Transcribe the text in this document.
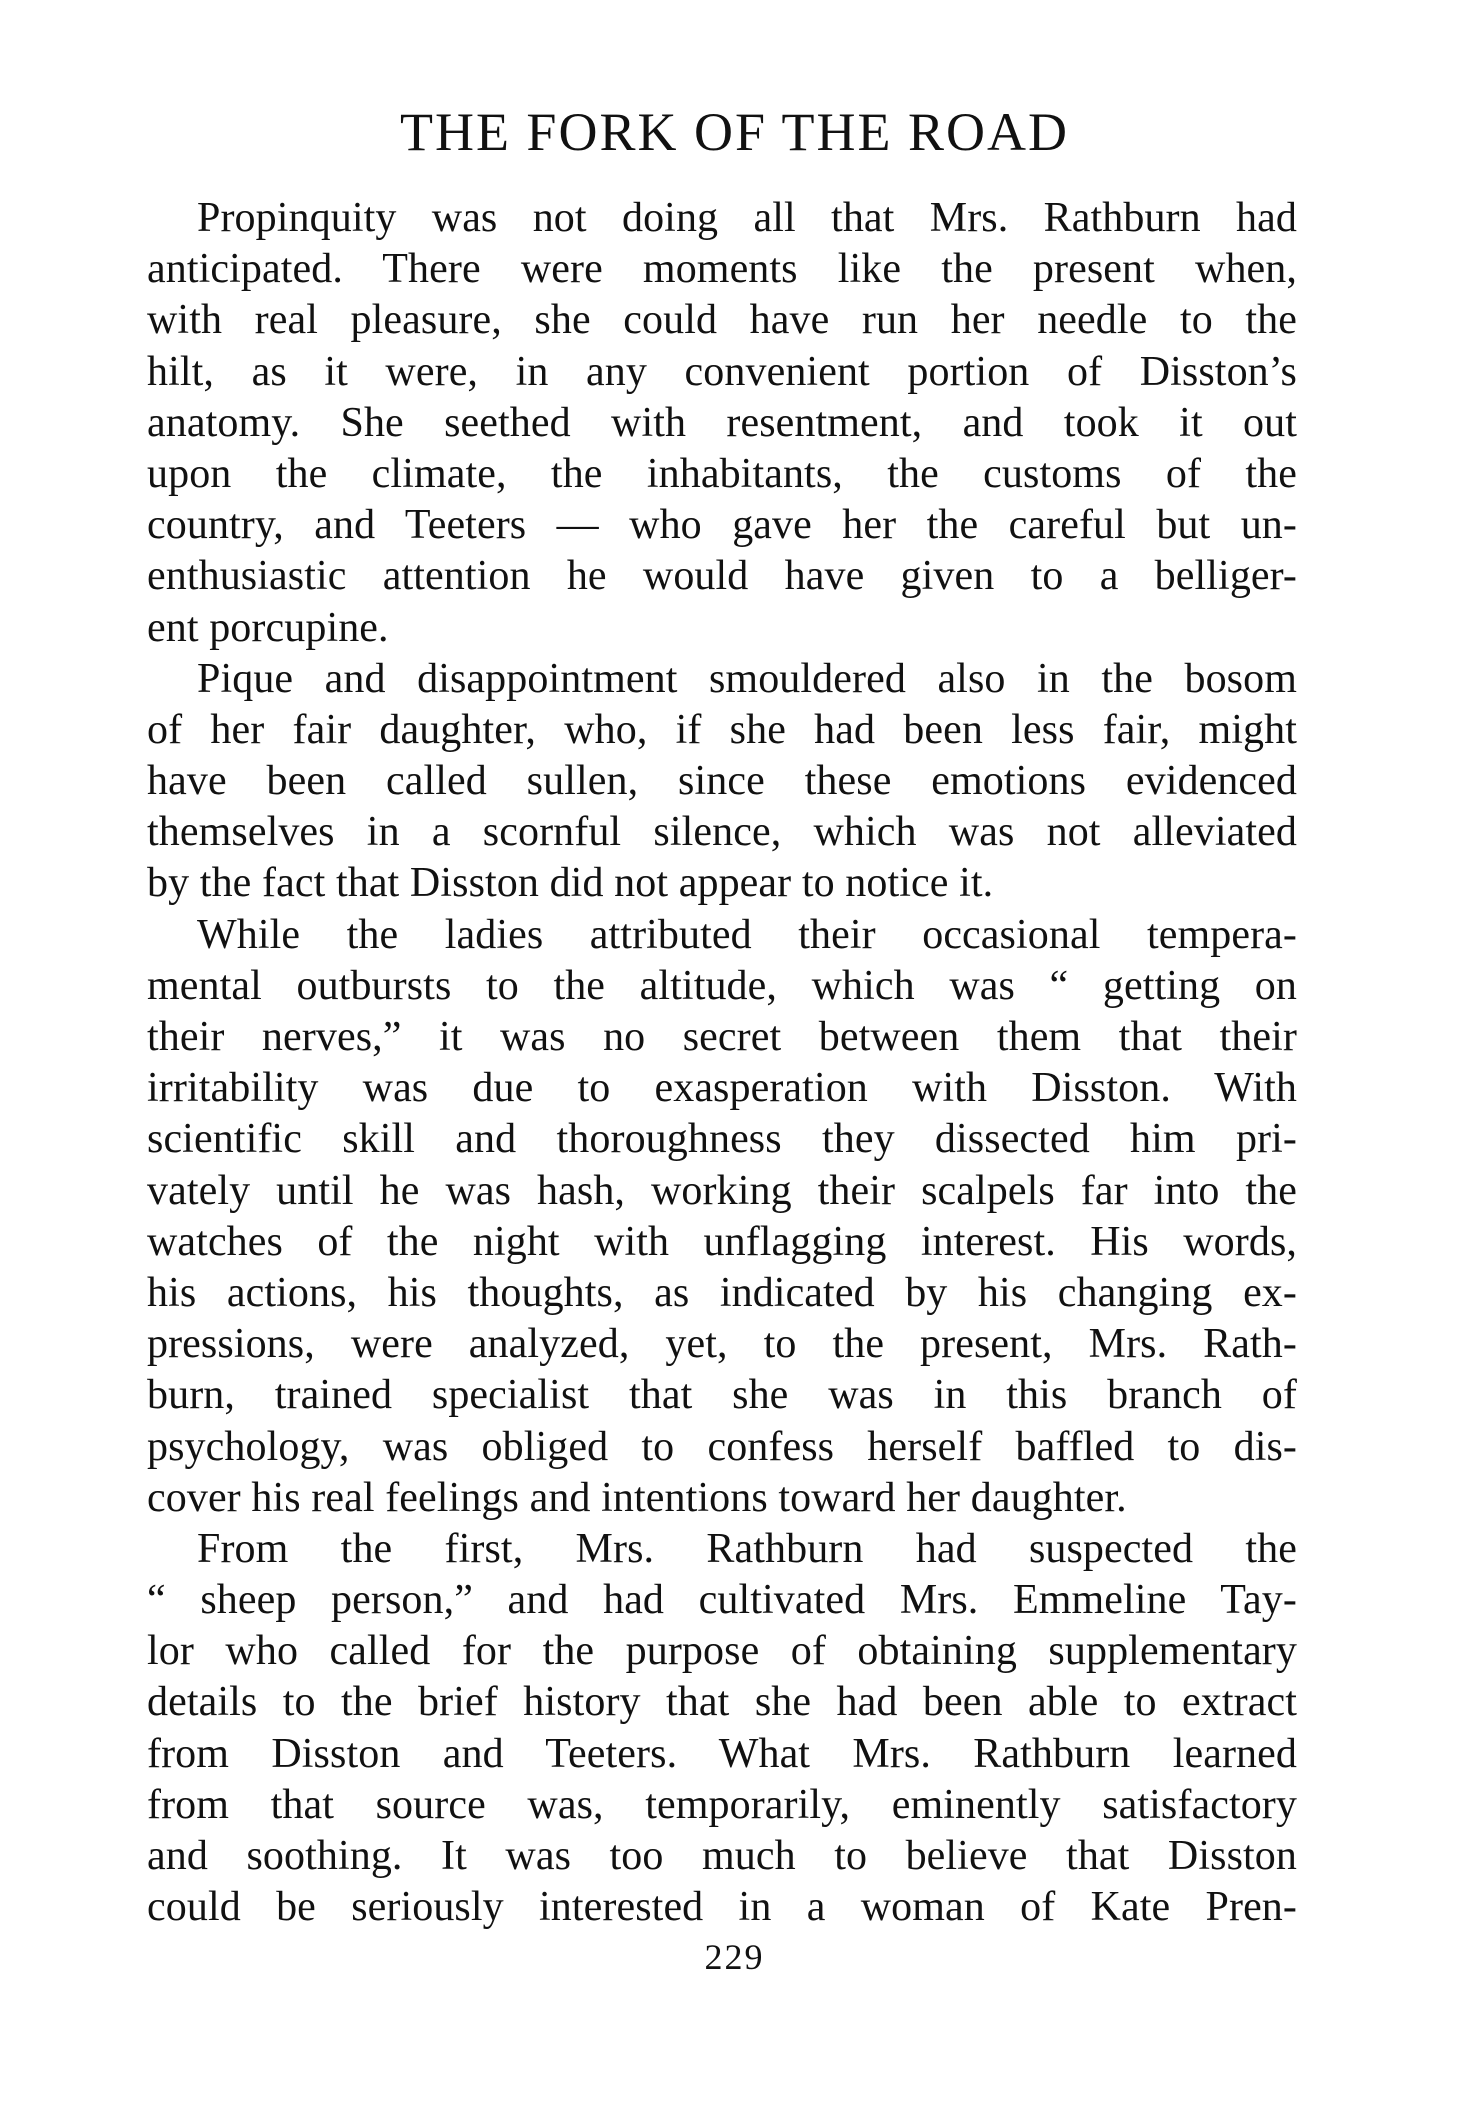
THE FORK OF THE ROAD
Propinquity was not doing all that Mrs. Rathburn had
anticipated. There were moments like the present when,
with real pleasure, she could have run her needle to the
hilt, as it were, in any convenient portion of Disston’s
anatomy. She seethed with resentment, and took it out
upon the climate, the inhabitants, the customs of the
country, and Teeters — who gave her the careful but un-
enthusiastic attention he would have given to a belliger-
ent porcupine.
Pique and disappointment smouldered also in the bosom
of her fair daughter, who, if she had been less fair, might
have been called sullen, since these emotions evidenced
themselves in a scornful silence, which was not alleviated
by the fact that Disston did not appear to notice it.
While the ladies attributed their occasional tempera-
mental outbursts to the altitude, which was “ getting on
their nerves,” it was no secret between them that their
irritability was due to exasperation with Disston. With
scientific skill and thoroughness they dissected him pri-
vately until he was hash, working their scalpels far into the
watches of the night with unflagging interest. His words,
his actions, his thoughts, as indicated by his changing ex-
pressions, were analyzed, yet, to the present, Mrs. Rath-
burn, trained specialist that she was in this branch of
psychology, was obliged to confess herself baffled to dis-
cover his real feelings and intentions toward her daughter.
From the first, Mrs. Rathburn had suspected the
“ sheep person,” and had cultivated Mrs. Emmeline Tay-
lor who called for the purpose of obtaining supplementary
details to the brief history that she had been able to extract
from Disston and Teeters. What Mrs. Rathburn learned
from that source was, temporarily, eminently satisfactory
and soothing. It was too much to believe that Disston
could be seriously interested in a woman of Kate Pren-
229
